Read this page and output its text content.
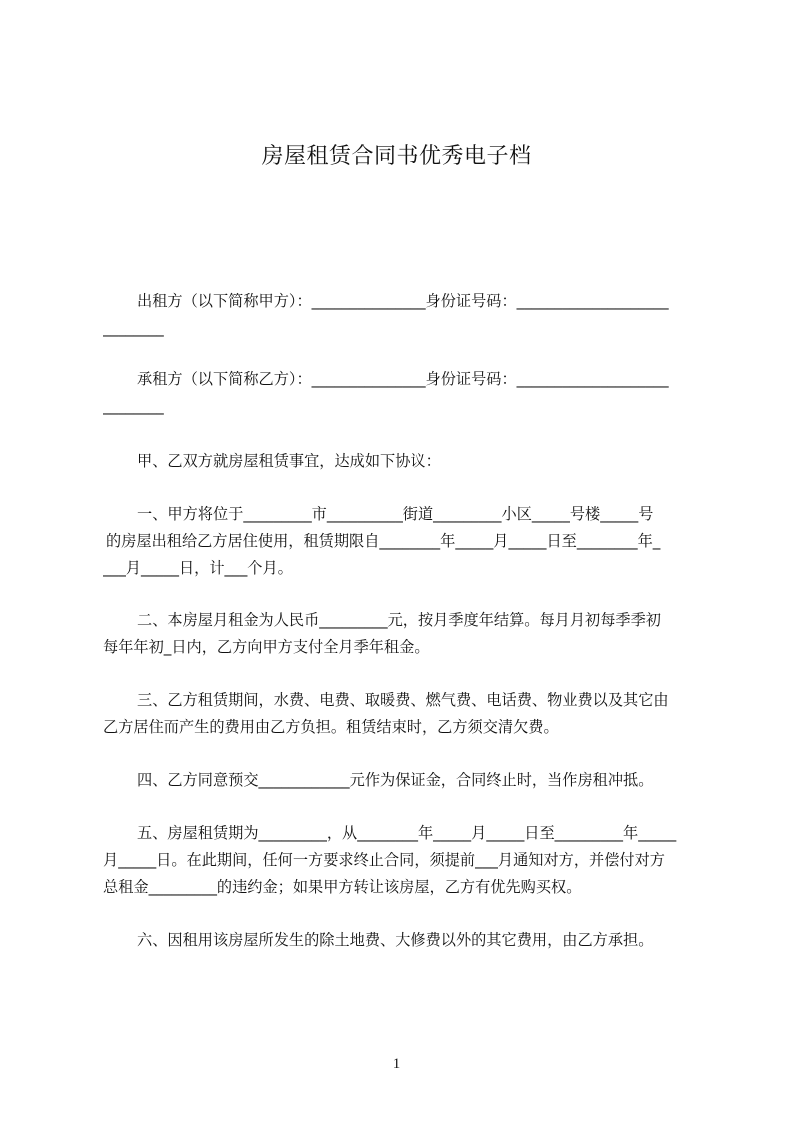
房屋租赁合同书优秀电子档
出租方（以下简称甲方）：_______________身份证号码：____________________
________
承租方（以下简称乙方）：_______________身份证号码：____________________
________
甲、乙双方就房屋租赁事宜，达成如下协议：
一、甲方将位于_________市__________街道_________小区_____号楼_____号
的房屋出租给乙方居住使用，租赁期限自________年_____月_____日至________年_
___月_____日，计___个月。
二、本房屋月租金为人民币_________元，按月季度年结算。每月月初每季季初
每年年初_日内，乙方向甲方支付全月季年租金。
三、乙方租赁期间，水费、电费、取暖费、燃气费、电话费、物业费以及其它由
乙方居住而产生的费用由乙方负担。租赁结束时，乙方须交清欠费。
四、乙方同意预交____________元作为保证金，合同终止时，当作房租冲抵。
五、房屋租赁期为_________，从________年_____月_____日至_________年_____
月_____日。在此期间，任何一方要求终止合同，须提前___月通知对方，并偿付对方
总租金_________的违约金；如果甲方转让该房屋，乙方有优先购买权。
六、因租用该房屋所发生的除土地费、大修费以外的其它费用，由乙方承担。
1
